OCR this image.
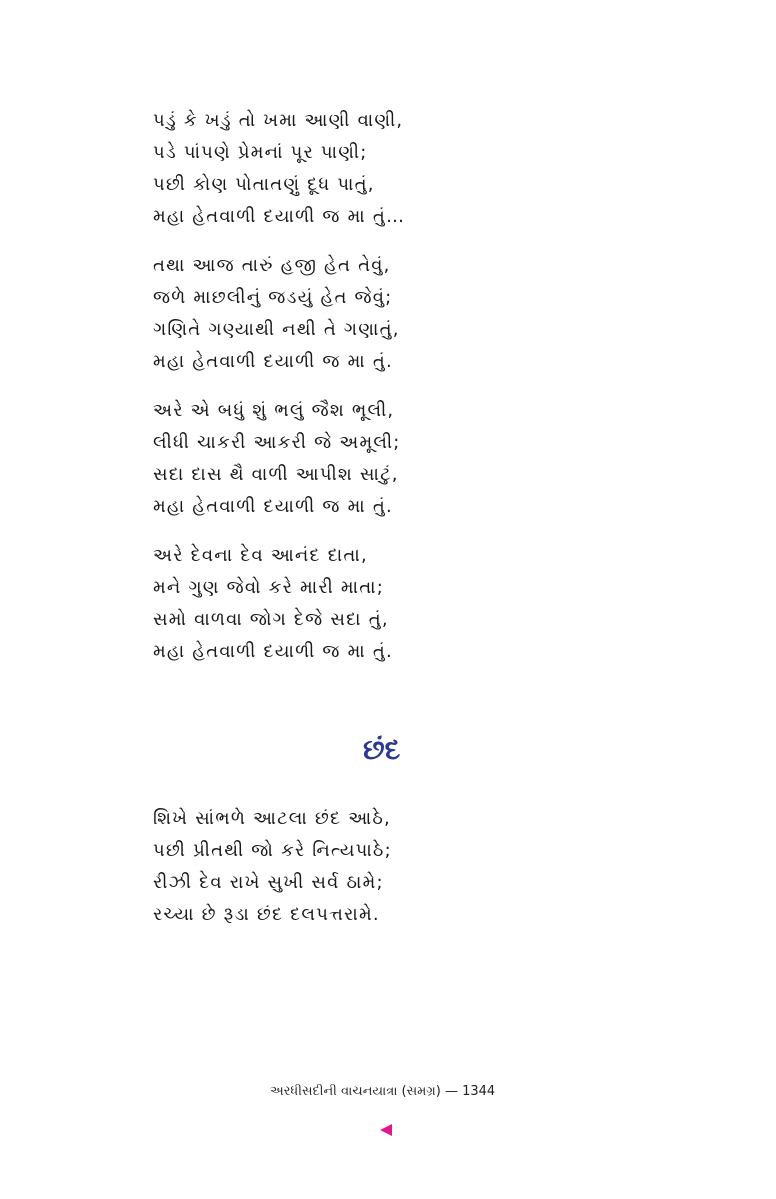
પડું કે ખડું તો ખમા આણી વાણી,
પડે પાંપણે પ્રેમનાં પૂર પાણી;
પછી કોણ પોતાતણું દૂધ પાતું,
મહા હેતવાળી દયાળી જ મા તું…
તથા આજ તારું હજી હેત તેવું,
જળે માછલીનું જડયું હેત જેવું;
ગણિતે ગણ્યાથી નથી તે ગણાતું,
મહા હેતવાળી દયાળી જ મા તું.
અરે એ બધું શું ભલું જૈશ ભૂલી,
લીધી ચાકરી આકરી જે અમૂલી;
સદા દાસ થૈ વાળી આપીશ સાટું,
મહા હેતવાળી દયાળી જ મા તું.
અરે દેવના દેવ આનંદ દાતા,
મને ગુણ જેવો કરે મારી માતા;
સમો વાળવા જોગ દેજે સદા તું,
મહા હેતવાળી દયાળી જ મા તું.
છંદ
શિખે સાંભળે આટલા છંદ આઠે,
પછી પ્રીતથી જો કરે નિત્યપાઠે;
રીઝી દેવ રાખે સુખી સર્વ ઠામે;
રચ્યા છે રૂડા છંદ દલપત્તરામે.
અરધીસદીની વાચનયાત્રા (સમગ્ર) — 1344
